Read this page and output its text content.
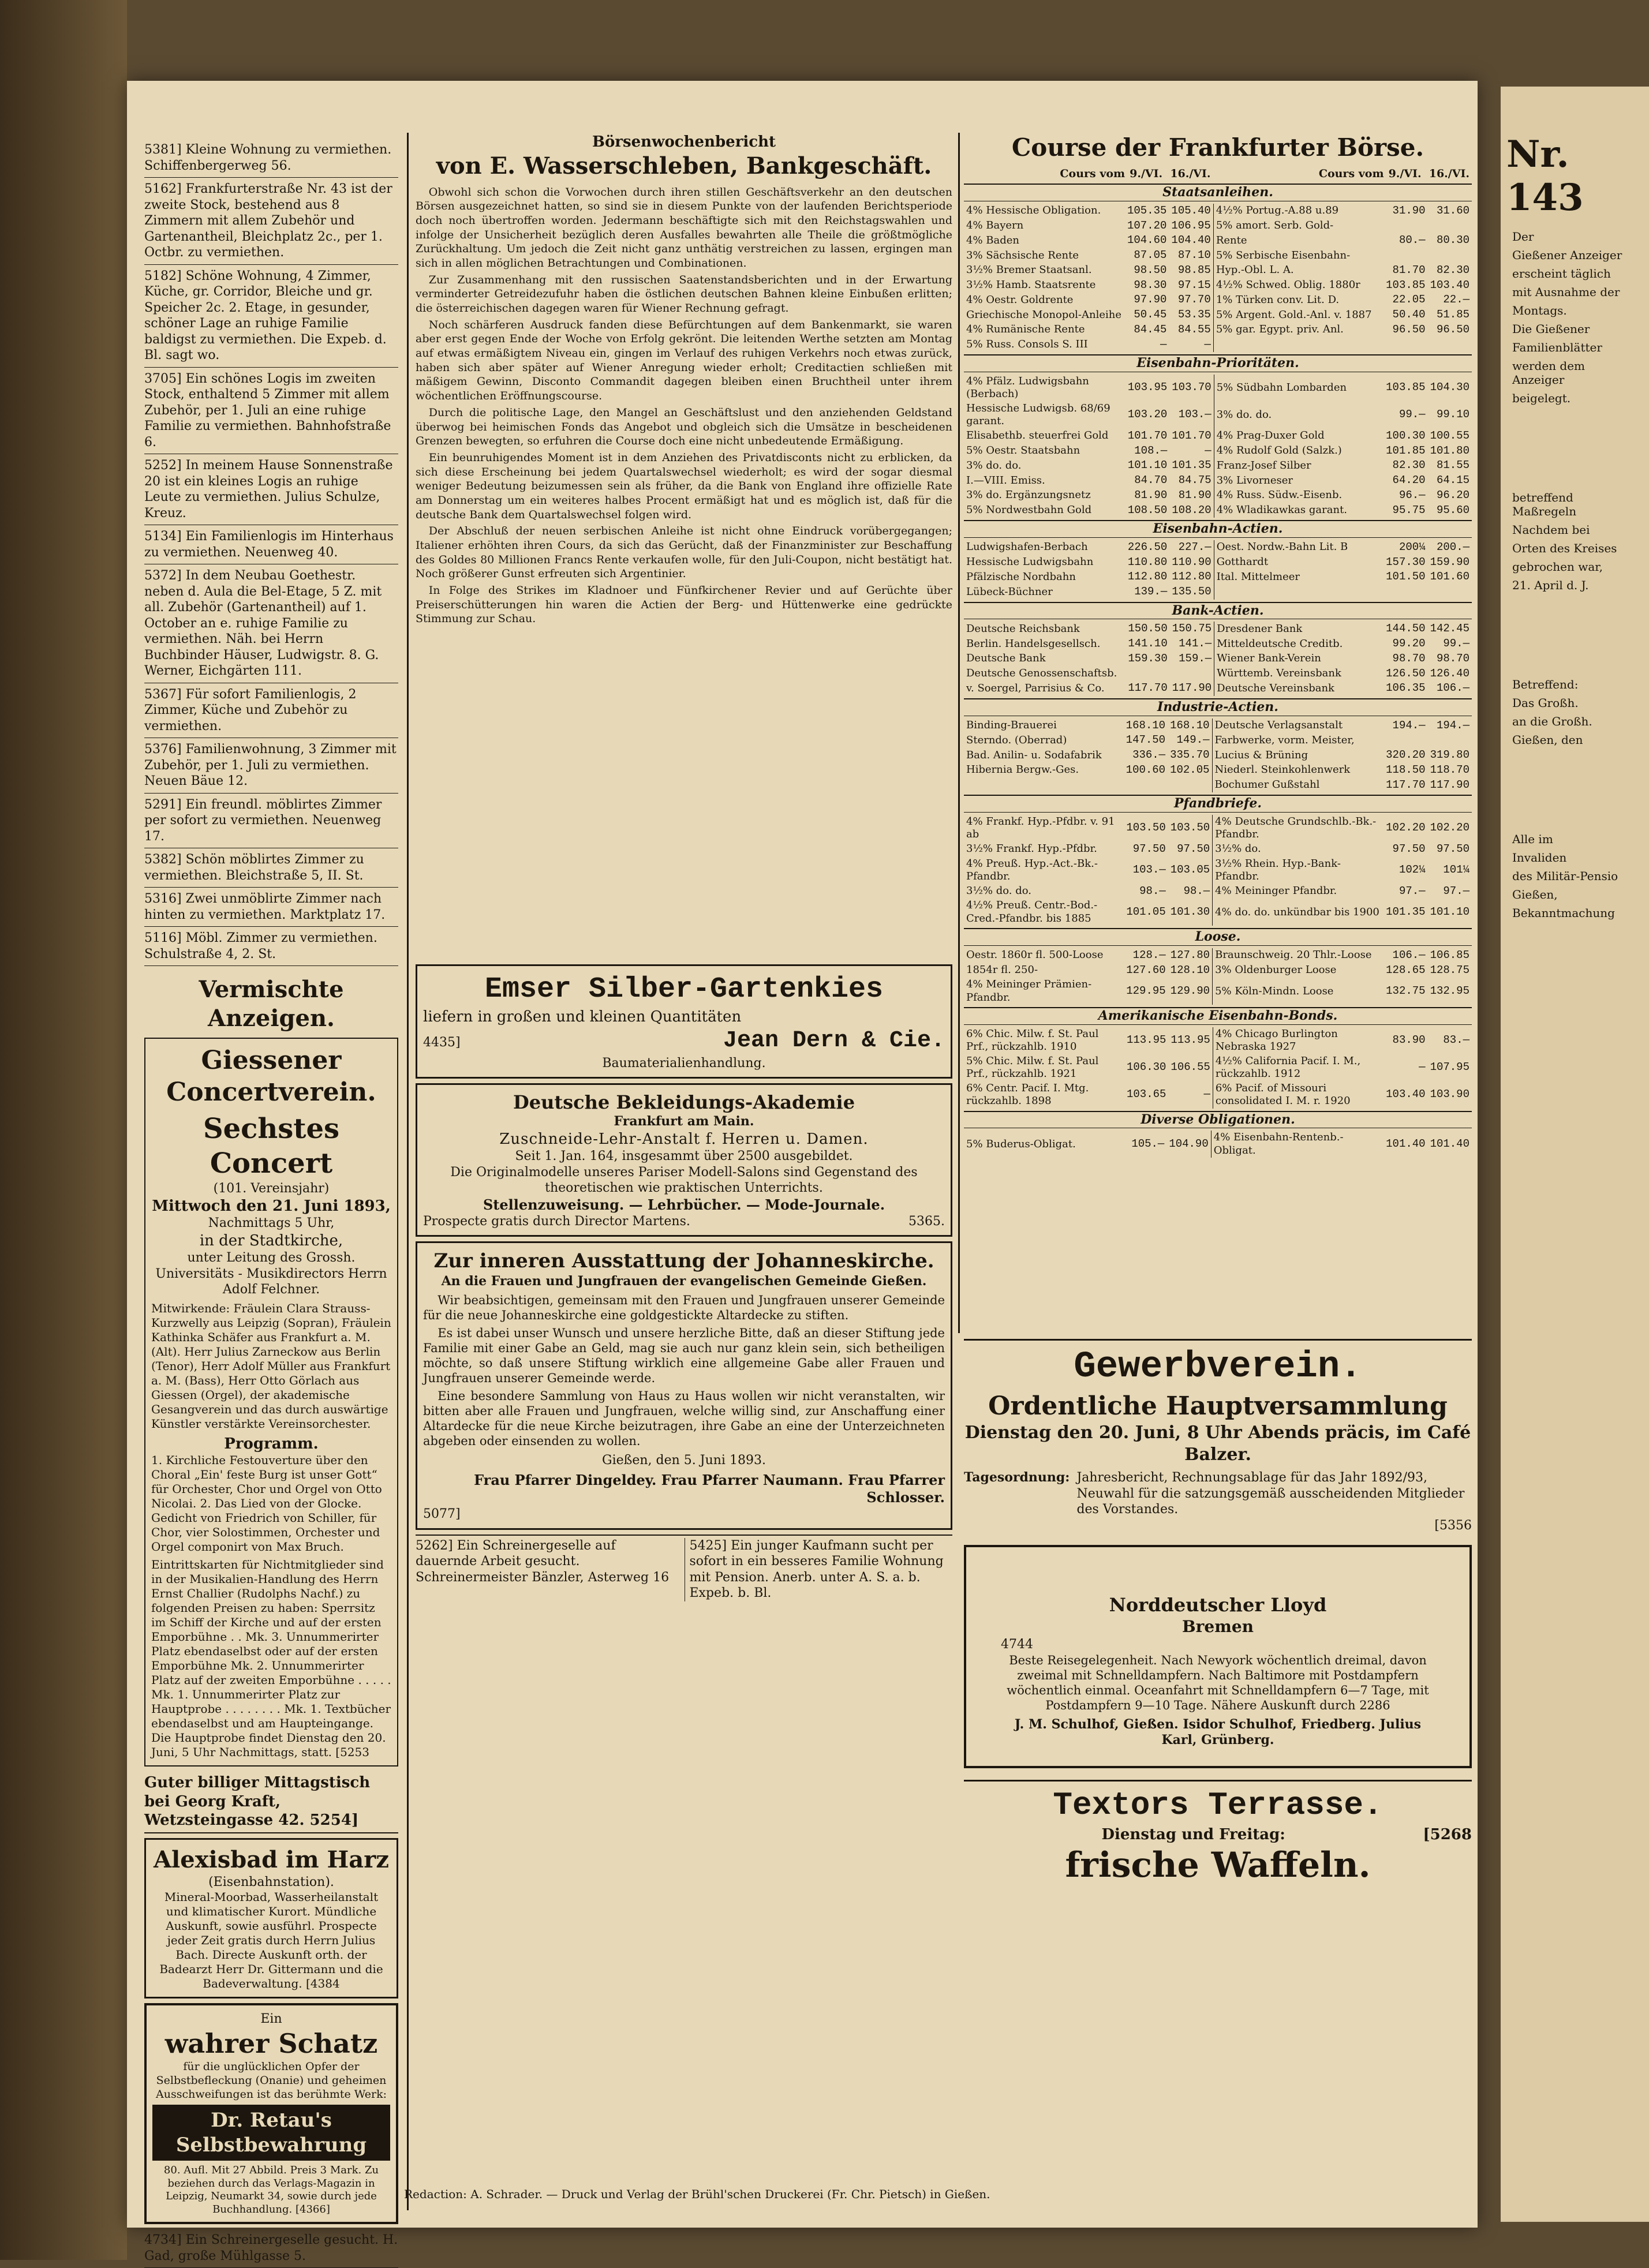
5381] Kleine Wohnung zu vermiethen. Schiffenbergerweg 56.
5162] Frankfurterstraße Nr. 43 ist der zweite Stock, bestehend aus 8 Zimmern mit allem Zubehör und Gartenantheil, Bleichplatz 2c., per 1. Octbr. zu vermiethen.
5182] Schöne Wohnung, 4 Zimmer, Küche, gr. Corridor, Bleiche und gr. Speicher 2c. 2. Etage, in gesunder, schöner Lage an ruhige Familie baldigst zu vermiethen. Die Expeb. d. Bl. sagt wo.
3705] Ein schönes Logis im zweiten Stock, enthaltend 5 Zimmer mit allem Zubehör, per 1. Juli an eine ruhige Familie zu vermiethen. Bahnhofstraße 6.
5252] In meinem Hause Sonnenstraße 20 ist ein kleines Logis an ruhige Leute zu vermiethen. Julius Schulze, Kreuz.
5134] Ein Familienlogis im Hinterhaus zu vermiethen. Neuenweg 40.
5372] In dem Neubau Goethestr. neben d. Aula die Bel-Etage, 5 Z. mit all. Zubehör (Gartenantheil) auf 1. October an e. ruhige Familie zu vermiethen. Näh. bei Herrn Buchbinder Häuser, Ludwigstr. 8. G. Werner, Eichgärten 111.
5367] Für sofort Familienlogis, 2 Zimmer, Küche und Zubehör zu vermiethen.
5376] Familienwohnung, 3 Zimmer mit Zubehör, per 1. Juli zu vermiethen. Neuen Bäue 12.
5291] Ein freundl. möblirtes Zimmer per sofort zu vermiethen. Neuenweg 17.
5382] Schön möblirtes Zimmer zu vermiethen. Bleichstraße 5, II. St.
5316] Zwei unmöblirte Zimmer nach hinten zu vermiethen. Marktplatz 17.
5116] Möbl. Zimmer zu vermiethen. Schulstraße 4, 2. St.
Vermischte Anzeigen.
Giessener Concertverein.
Sechstes Concert
(101. Vereinsjahr)
Mittwoch den 21. Juni 1893,
Nachmittags 5 Uhr,
in der Stadtkirche,
unter Leitung des Grossh. Universitäts - Musikdirectors Herrn Adolf Felchner.
Mitwirkende: Fräulein Clara Strauss-Kurzwelly aus Leipzig (Sopran), Fräulein Kathinka Schäfer aus Frankfurt a. M. (Alt). Herr Julius Zarneckow aus Berlin (Tenor), Herr Adolf Müller aus Frankfurt a. M. (Bass), Herr Otto Görlach aus Giessen (Orgel), der akademische Gesangverein und das durch auswärtige Künstler verstärkte Vereinsorchester.
Programm.
1. Kirchliche Festouverture über den Choral „Ein' feste Burg ist unser Gott“ für Orchester, Chor und Orgel von Otto Nicolai. 2. Das Lied von der Glocke. Gedicht von Friedrich von Schiller, für Chor, vier Solostimmen, Orchester und Orgel componirt von Max Bruch.
Eintrittskarten für Nichtmitglieder sind in der Musikalien-Handlung des Herrn Ernst Challier (Rudolphs Nachf.) zu folgenden Preisen zu haben: Sperrsitz im Schiff der Kirche und auf der ersten Emporbühne . . Mk. 3. Unnummerirter Platz ebendaselbst oder auf der ersten Emporbühne Mk. 2. Unnummerirter Platz auf der zweiten Emporbühne . . . . . Mk. 1. Unnummerirter Platz zur Hauptprobe . . . . . . . . Mk. 1. Textbücher ebendaselbst und am Haupteingange. Die Hauptprobe findet Dienstag den 20. Juni, 5 Uhr Nachmittags, statt. [5253
Guter billiger Mittagstisch bei Georg Kraft, Wetzsteingasse 42. 5254]
Alexisbad im Harz
(Eisenbahnstation).
Mineral-Moorbad, Wasserheilanstalt und klimatischer Kurort. Mündliche Auskunft, sowie ausführl. Prospecte jeder Zeit gratis durch Herrn Julius Bach. Directe Auskunft orth. der Badearzt Herr Dr. Gittermann und die Badeverwaltung. [4384
Ein
wahrer Schatz
für die unglücklichen Opfer der Selbstbefleckung (Onanie) und geheimen Ausschweifungen ist das berühmte Werk:
Dr. Retau's Selbstbewahrung
80. Aufl. Mit 27 Abbild. Preis 3 Mark. Zu beziehen durch das Verlags-Magazin in Leipzig, Neumarkt 34, sowie durch jede Buchhandlung. [4366]
4734] Ein Schreinergeselle gesucht. H. Gad, große Mühlgasse 5.
Börsenwochenbericht
von E. Wasserschleben, Bankgeschäft.

Obwohl sich schon die Vorwochen durch ihren stillen Geschäftsverkehr an den deutschen Börsen ausgezeichnet hatten, so sind sie in diesem Punkte von der laufenden Berichtsperiode doch noch übertroffen worden. Jedermann beschäftigte sich mit den Reichstagswahlen und infolge der Unsicherheit bezüglich deren Ausfalles bewahrten alle Theile die größtmögliche Zurückhaltung. Um jedoch die Zeit nicht ganz unthätig verstreichen zu lassen, ergingen man sich in allen möglichen Betrachtungen und Combinationen.

Zur Zusammenhang mit den russischen Saatenstandsberichten und in der Erwartung verminderter Getreidezufuhr haben die östlichen deutschen Bahnen kleine Einbußen erlitten; die österreichischen dagegen waren für Wiener Rechnung gefragt.

Noch schärferen Ausdruck fanden diese Befürchtungen auf dem Bankenmarkt, sie waren aber erst gegen Ende der Woche von Erfolg gekrönt. Die leitenden Werthe setzten am Montag auf etwas ermäßigtem Niveau ein, gingen im Verlauf des ruhigen Verkehrs noch etwas zurück, haben sich aber später auf Wiener Anregung wieder erholt; Creditactien schließen mit mäßigem Gewinn, Disconto Commandit dagegen bleiben einen Bruchtheil unter ihrem wöchentlichen Eröffnungscourse.

Durch die politische Lage, den Mangel an Geschäftslust und den anziehenden Geldstand überwog bei heimischen Fonds das Angebot und obgleich sich die Umsätze in bescheidenen Grenzen bewegten, so erfuhren die Course doch eine nicht unbedeutende Ermäßigung.

Ein beunruhigendes Moment ist in dem Anziehen des Privatdisconts nicht zu erblicken, da sich diese Erscheinung bei jedem Quartalswechsel wiederholt; es wird der sogar diesmal weniger Bedeutung beizumessen sein als früher, da die Bank von England ihre offizielle Rate am Donnerstag um ein weiteres halbes Procent ermäßigt hat und es möglich ist, daß für die deutsche Bank dem Quartalswechsel folgen wird.

Der Abschluß der neuen serbischen Anleihe ist nicht ohne Eindruck vorübergegangen; Italiener erhöhten ihren Cours, da sich das Gerücht, daß der Finanzminister zur Beschaffung des Goldes 80 Millionen Francs Rente verkaufen wolle, für den Juli-Coupon, nicht bestätigt hat. Noch größerer Gunst erfreuten sich Argentinier.

In Folge des Strikes im Kladnoer und Fünfkirchener Revier und auf Gerüchte über Preiserschütterungen hin waren die Actien der Berg- und Hüttenwerke eine gedrückte Stimmung zur Schau.

Emser Silber-Gartenkies
liefern in großen und kleinen Quantitäten
4435]	Jean Dern & Cie.
Baumaterialienhandlung.
Deutsche Bekleidungs-Akademie
Frankfurt am Main.
Zuschneide-Lehr-Anstalt f. Herren u. Damen.
Seit 1. Jan. 164, insgesammt über 2500 ausgebildet.
Die Originalmodelle unseres Pariser Modell-Salons sind Gegenstand des theoretischen wie praktischen Unterrichts.
Stellenzuweisung. — Lehrbücher. — Mode-Journale.
Prospecte gratis durch Director Martens.	5365.
Zur inneren Ausstattung der Johanneskirche.
An die Frauen und Jungfrauen der evangelischen Gemeinde Gießen.

Wir beabsichtigen, gemeinsam mit den Frauen und Jungfrauen unserer Gemeinde für die neue Johanneskirche eine goldgestickte Altardecke zu stiften.

Es ist dabei unser Wunsch und unsere herzliche Bitte, daß an dieser Stiftung jede Familie mit einer Gabe an Geld, mag sie auch nur ganz klein sein, sich betheiligen möchte, so daß unsere Stiftung wirklich eine allgemeine Gabe aller Frauen und Jungfrauen unserer Gemeinde werde.

Eine besondere Sammlung von Haus zu Haus wollen wir nicht veranstalten, wir bitten aber alle Frauen und Jungfrauen, welche willig sind, zur Anschaffung einer Altardecke für die neue Kirche beizutragen, ihre Gabe an eine der Unterzeichneten abgeben oder einsenden zu wollen.

Gießen, den 5. Juni 1893.
Frau Pfarrer Dingeldey. Frau Pfarrer Naumann. Frau Pfarrer Schlosser.
5077]
5262] Ein Schreinergeselle auf dauernde Arbeit gesucht. Schreinermeister Bänzler, Asterweg 16
5425] Ein junger Kaufmann sucht per sofort in ein besseres Familie Wohnung mit Pension. Anerb. unter A. S. a. b. Expeb. b. Bl.
Course der Frankfurter Börse.
Cours vom	9./VI.	16./VI.	Cours vom	9./VI.	16./VI.
Staatsanleihen.
4% Hessische Obligation.	105.35	105.40	4½% Portug.-A.88 u.89	31.90	31.60
4% Bayern	107.20	106.95	5% amort. Serb. Gold-		
4% Baden	104.60	104.40	Rente	80.—	80.30
3% Sächsische Rente	87.05	87.10	5% Serbische Eisenbahn-		
3½% Bremer Staatsanl.	98.50	98.85	Hyp.-Obl. L. A.	81.70	82.30
3½% Hamb. Staatsrente	98.30	97.15	4½% Schwed. Oblig. 1880r	103.85	103.40
4% Oestr. Goldrente	97.90	97.70	1% Türken conv. Lit. D.	22.05	22.—
Griechische Monopol-Anleihe	50.45	53.35	5% Argent. Gold.-Anl. v. 1887	50.40	51.85
4% Rumänische Rente	84.45	84.55	5% gar. Egypt. priv. Anl.	96.50	96.50
5% Russ. Consols S. III	—	—			
Eisenbahn-Prioritäten.
4% Pfälz. Ludwigsbahn (Berbach)	103.95	103.70	5% Südbahn Lombarden	103.85	104.30
Hessische Ludwigsb. 68/69 garant.	103.20	103.—	3% do. do.	99.—	99.10
Elisabethb. steuerfrei Gold	101.70	101.70	4% Prag-Duxer Gold	100.30	100.55
5% Oestr. Staatsbahn	108.—	—	4% Rudolf Gold (Salzk.)	101.85	101.80
3% do. do.	101.10	101.35	Franz-Josef Silber	82.30	81.55
I.—VIII. Emiss.	84.70	84.75	3% Livorneser	64.20	64.15
3% do. Ergänzungsnetz	81.90	81.90	4% Russ. Südw.-Eisenb.	96.—	96.20
5% Nordwestbahn Gold	108.50	108.20	4% Wladikawkas garant.	95.75	95.60
Eisenbahn-Actien.
Ludwigshafen-Berbach	226.50	227.—	Oest. Nordw.-Bahn Lit. B	200¼	200.—
Hessische Ludwigsbahn	110.80	110.90	Gotthardt	157.30	159.90
Pfälzische Nordbahn	112.80	112.80	Ital. Mittelmeer	101.50	101.60
Lübeck-Büchner	139.—	135.50			
Bank-Actien.
Deutsche Reichsbank	150.50	150.75	Dresdener Bank	144.50	142.45
Berlin. Handelsgesellsch.	141.10	141.—	Mitteldeutsche Creditb.	99.20	99.—
Deutsche Bank	159.30	159.—	Wiener Bank-Verein	98.70	98.70
Deutsche Genossenschaftsb.			Württemb. Vereinsbank	126.50	126.40
v. Soergel, Parrisius & Co.	117.70	117.90	Deutsche Vereinsbank	106.35	106.—
Industrie-Actien.
Binding-Brauerei	168.10	168.10	Deutsche Verlagsanstalt	194.—	194.—
Sterndo. (Oberrad)	147.50	149.—	Farbwerke, vorm. Meister,		
Bad. Anilin- u. Sodafabrik	336.—	335.70	Lucius & Brüning	320.20	319.80
Hibernia Bergw.-Ges.	100.60	102.05	Niederl. Steinkohlenwerk	118.50	118.70
			Bochumer Gußstahl	117.70	117.90
Pfandbriefe.
4% Frankf. Hyp.-Pfdbr. v. 91 ab	103.50	103.50	4% Deutsche Grundschlb.-Bk.-Pfandbr.	102.20	102.20
3½% Frankf. Hyp.-Pfdbr.	97.50	97.50	3½% do.	97.50	97.50
4% Preuß. Hyp.-Act.-Bk.-Pfandbr.	103.—	103.05	3½% Rhein. Hyp.-Bank-Pfandbr.	102¼	101¼
3½% do. do.	98.—	98.—	4% Meininger Pfandbr.	97.—	97.—
4½% Preuß. Centr.-Bod.-Cred.-Pfandbr. bis 1885	101.05	101.30	4% do. do. unkündbar bis 1900	101.35	101.10
Loose.
Oestr. 1860r fl. 500-Loose	128.—	127.80	Braunschweig. 20 Thlr.-Loose	106.—	106.85
1854r fl. 250-	127.60	128.10	3% Oldenburger Loose	128.65	128.75
4% Meininger Prämien-Pfandbr.	129.95	129.90	5% Köln-Mindn. Loose	132.75	132.95
Amerikanische Eisenbahn-Bonds.
6% Chic. Milw. f. St. Paul Prf., rückzahlb. 1910	113.95	113.95	4% Chicago Burlington Nebraska 1927	83.90	83.—
5% Chic. Milw. f. St. Paul Prf., rückzahlb. 1921	106.30	106.55	4½% California Pacif. I. M., rückzahlb. 1912	—	107.95
6% Centr. Pacif. I. Mtg. rückzahlb. 1898	103.65	—	6% Pacif. of Missouri consolidated I. M. r. 1920	103.40	103.90
Diverse Obligationen.
5% Buderus-Obligat.	105.—	104.90	4% Eisenbahn-Rentenb.-Obligat.	101.40	101.40
Gewerbverein.
Ordentliche Hauptversammlung
Dienstag den 20. Juni, 8 Uhr Abends präcis, im Café Balzer.
Tagesordnung: Jahresbericht, Rechnungsablage für das Jahr 1892/93, Neuwahl für die satzungsgemäß ausscheidenden Mitglieder des Vorstandes.
[5356
Norddeutscher Lloyd
Bremen
4744
Beste Reisegelegenheit. Nach Newyork wöchentlich dreimal, davon zweimal mit Schnelldampfern. Nach Baltimore mit Postdampfern wöchentlich einmal. Oceanfahrt mit Schnelldampfern 6—7 Tage, mit Postdampfern 9—10 Tage. Nähere Auskunft durch 2286
J. M. Schulhof, Gießen. Isidor Schulhof, Friedberg. Julius Karl, Grünberg.
Textors Terrasse.
Dienstag und Freitag:	[5268
frische Waffeln.
Redaction: A. Schrader. — Druck und Verlag der Brühl'schen Druckerei (Fr. Chr. Pietsch) in Gießen.
Nr. 143
Der
Gießener Anzeiger
erscheint täglich
mit Ausnahme der
Montags.
Die Gießener
Familienblätter
werden dem Anzeiger
beigelegt.
betreffend Maßregeln
Nachdem bei
Orten des Kreises
gebrochen war,
21. April d. J.
Betreffend:
Das Großh.
an die Großh.
Gießen, den
Alle im
Invaliden
des Militär-Pensio
Gießen,
Bekanntmachung
